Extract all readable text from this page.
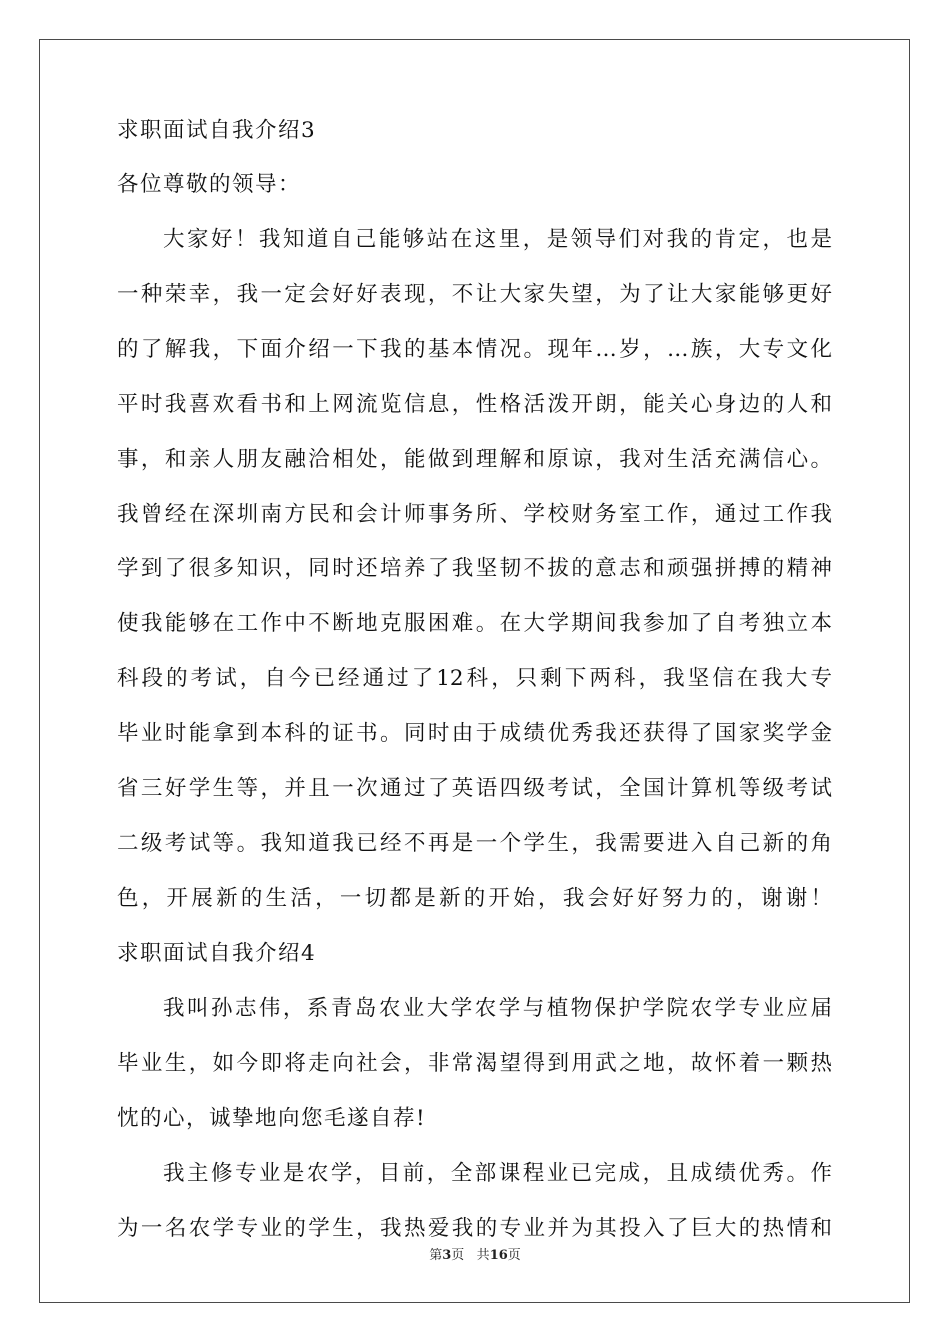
求职面试自我介绍3
各位尊敬的领导：
大家好！我知道自己能够站在这里，是领导们对我的肯定，也是
一种荣幸，我一定会好好表现，不让大家失望，为了让大家能够更好
的了解我，下面介绍一下我的基本情况。现年…岁，…族，大专文化
平时我喜欢看书和上网流览信息，性格活泼开朗，能关心身边的人和
事，和亲人朋友融洽相处，能做到理解和原谅，我对生活充满信心。
我曾经在深圳南方民和会计师事务所、学校财务室工作，通过工作我
学到了很多知识，同时还培养了我坚韧不拔的意志和顽强拼搏的精神
使我能够在工作中不断地克服困难。在大学期间我参加了自考独立本
科段的考试，自今已经通过了12科，只剩下两科，我坚信在我大专
毕业时能拿到本科的证书。同时由于成绩优秀我还获得了国家奖学金
省三好学生等，并且一次通过了英语四级考试，全国计算机等级考试
二级考试等。我知道我已经不再是一个学生，我需要进入自己新的角
色，开展新的生活，一切都是新的开始，我会好好努力的，谢谢！
求职面试自我介绍4
我叫孙志伟，系青岛农业大学农学与植物保护学院农学专业应届
毕业生，如今即将走向社会，非常渴望得到用武之地，故怀着一颗热
忱的心，诚挚地向您毛遂自荐!
我主修专业是农学，目前，全部课程业已完成，且成绩优秀。作
为一名农学专业的学生，我热爱我的专业并为其投入了巨大的热情和
第3页 共16页
